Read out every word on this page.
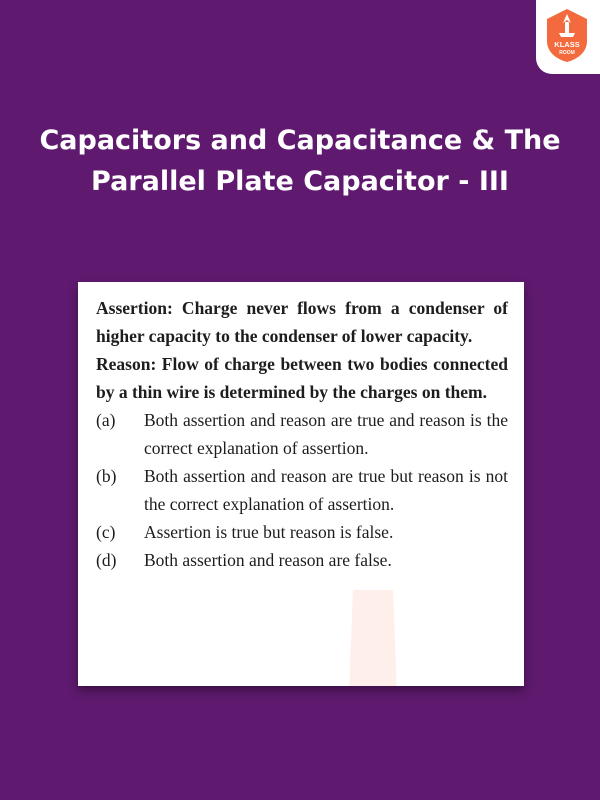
KLASS
ROOM
Capacitors and Capacitance & The
Parallel Plate Capacitor - III

Assertion: Charge never flows from a condenser of higher capacity to the condenser of lower capacity.

Reason: Flow of charge between two bodies connected by a thin wire is determined by the charges on them.

(a)	Both assertion and reason are true and reason is the correct explanation of assertion.
(b)	Both assertion and reason are true but reason is not the correct explanation of assertion.
(c)	Assertion is true but reason is false.
(d)	Both assertion and reason are false.
